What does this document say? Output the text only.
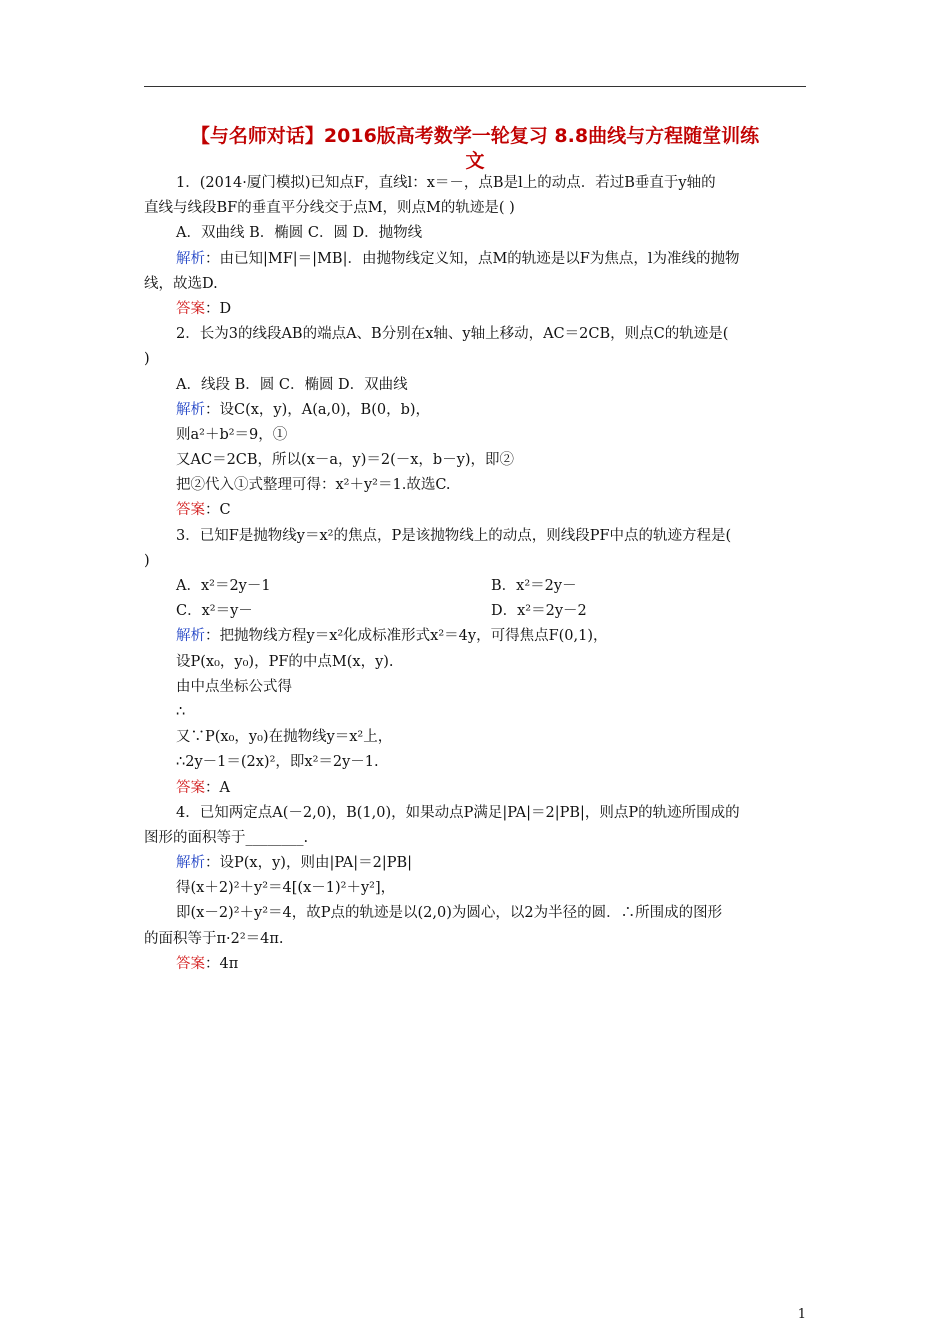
【与名师对话】2016版高考数学一轮复习 8.8曲线与方程随堂训练
文
1．(2014·厦门模拟)已知点F，直线l：x＝－，点B是l上的动点．若过B垂直于y轴的
直线与线段BF的垂直平分线交于点M，则点M的轨迹是( )
A．双曲线 B．椭圆 C．圆 D．抛物线
解析：由已知|MF|＝|MB|．由抛物线定义知，点M的轨迹是以F为焦点，l为准线的抛物
线，故选D.
答案：D
2．长为3的线段AB的端点A、B分别在x轴、y轴上移动，AC＝2CB，则点C的轨迹是(
)
A．线段 B．圆 C．椭圆 D．双曲线
解析：设C(x，y)，A(a,0)，B(0，b)，
则a²＋b²＝9，①
又AC＝2CB，所以(x－a，y)＝2(－x，b－y)，即②
把②代入①式整理可得：x²＋y²＝1.故选C.
答案：C
3．已知F是抛物线y＝x²的焦点，P是该抛物线上的动点，则线段PF中点的轨迹方程是(
)
A．x²＝2y－1	B．x²＝2y－
C．x²＝y－	D．x²＝2y－2
解析：把抛物线方程y＝x²化成标准形式x²＝4y，可得焦点F(0,1)，
设P(x₀，y₀)，PF的中点M(x，y).
由中点坐标公式得
∴
又∵P(x₀，y₀)在抛物线y＝x²上，
∴2y－1＝(2x)²，即x²＝2y－1.
答案：A
4．已知两定点A(－2,0)，B(1,0)，如果动点P满足|PA|＝2|PB|，则点P的轨迹所围成的
图形的面积等于________.
解析：设P(x，y)，则由|PA|＝2|PB|
得(x＋2)²＋y²＝4[(x－1)²＋y²]，
即(x－2)²＋y²＝4，故P点的轨迹是以(2,0)为圆心，以2为半径的圆．∴所围成的图形
的面积等于π·2²＝4π.
答案：4π
1
